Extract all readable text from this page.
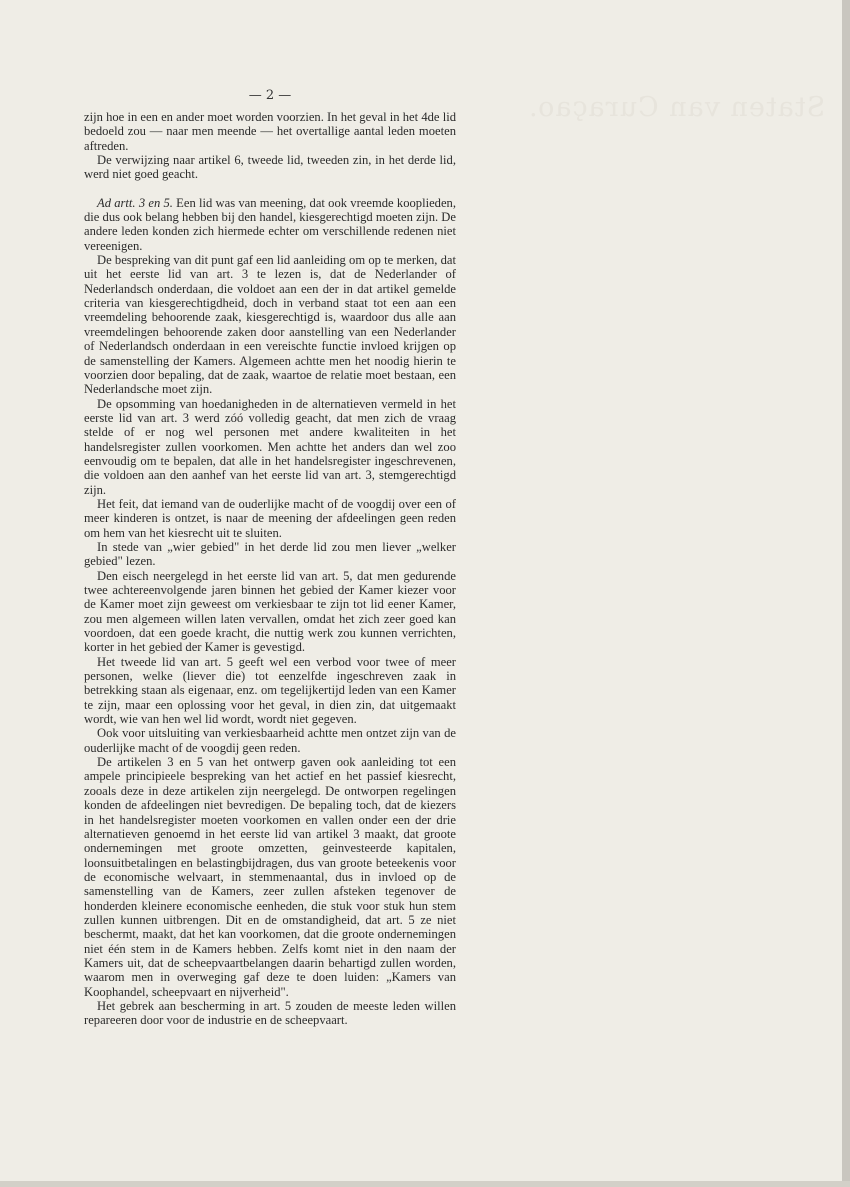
Staten van Curaçao.
— 2 —

zijn hoe in een en ander moet worden voorzien. In het geval in het 4de lid bedoeld zou — naar men meende — het overtallige aantal leden moeten aftreden.

De verwijzing naar artikel 6, tweede lid, tweeden zin, in het derde lid, werd niet goed geacht.

Ad artt. 3 en 5. Een lid was van meening, dat ook vreemde kooplieden, die dus ook belang hebben bij den handel, kiesgerechtigd moeten zijn. De andere leden konden zich hiermede echter om verschillende redenen niet vereenigen.

De bespreking van dit punt gaf een lid aanleiding om op te merken, dat uit het eerste lid van art. 3 te lezen is, dat de Nederlander of Nederlandsch onderdaan, die voldoet aan een der in dat artikel gemelde criteria van kiesgerechtigdheid, doch in verband staat tot een aan een vreemdeling behoorende zaak, kiesgerechtigd is, waardoor dus alle aan vreemdelingen behoorende zaken door aanstelling van een Nederlander of Nederlandsch onderdaan in een vereischte functie invloed krijgen op de samenstelling der Kamers. Algemeen achtte men het noodig hierin te voorzien door bepaling, dat de zaak, waartoe de relatie moet bestaan, een Nederlandsche moet zijn.

De opsomming van hoedanigheden in de alternatieven vermeld in het eerste lid van art. 3 werd zóó volledig geacht, dat men zich de vraag stelde of er nog wel personen met andere kwaliteiten in het handelsregister zullen voorkomen. Men achtte het anders dan wel zoo eenvoudig om te bepalen, dat alle in het handelsregister ingeschrevenen, die voldoen aan den aanhef van het eerste lid van art. 3, stemgerechtigd zijn.

Het feit, dat iemand van de ouderlijke macht of de voogdij over een of meer kinderen is ontzet, is naar de meening der afdeelingen geen reden om hem van het kiesrecht uit te sluiten.

In stede van „wier gebied" in het derde lid zou men liever „welker gebied" lezen.

Den eisch neergelegd in het eerste lid van art. 5, dat men gedurende twee achtereenvolgende jaren binnen het gebied der Kamer kiezer voor de Kamer moet zijn geweest om verkiesbaar te zijn tot lid eener Kamer, zou men algemeen willen laten vervallen, omdat het zich zeer goed kan voordoen, dat een goede kracht, die nuttig werk zou kunnen verrichten, korter in het gebied der Kamer is gevestigd.

Het tweede lid van art. 5 geeft wel een verbod voor twee of meer personen, welke (liever die) tot eenzelfde ingeschreven zaak in betrekking staan als eigenaar, enz. om tegelijkertijd leden van een Kamer te zijn, maar een oplossing voor het geval, in dien zin, dat uitgemaakt wordt, wie van hen wel lid wordt, wordt niet gegeven.

Ook voor uitsluiting van verkiesbaarheid achtte men ontzet zijn van de ouderlijke macht of de voogdij geen reden.

De artikelen 3 en 5 van het ontwerp gaven ook aanleiding tot een ampele principieele bespreking van het actief en het passief kiesrecht, zooals deze in deze artikelen zijn neergelegd. De ontworpen regelingen konden de afdeelingen niet bevredigen. De bepaling toch, dat de kiezers in het handelsregister moeten voorkomen en vallen onder een der drie alternatieven genoemd in het eerste lid van artikel 3 maakt, dat groote ondernemingen met groote omzetten, geinvesteerde kapitalen, loonsuitbetalingen en belastingbijdragen, dus van groote beteekenis voor de economische welvaart, in stemmenaantal, dus in invloed op de samenstelling van de Kamers, zeer zullen afsteken tegenover de honderden kleinere economische eenheden, die stuk voor stuk hun stem zullen kunnen uitbrengen. Dit en de omstandigheid, dat art. 5 ze niet beschermt, maakt, dat het kan voorkomen, dat die groote ondernemingen niet één stem in de Kamers hebben. Zelfs komt niet in den naam der Kamers uit, dat de scheepvaartbelangen daarin behartigd zullen worden, waarom men in overweging gaf deze te doen luiden: „Kamers van Koophandel, scheepvaart en nijverheid".

Het gebrek aan bescherming in art. 5 zouden de meeste leden willen repareeren door voor de industrie en de scheepvaart.
